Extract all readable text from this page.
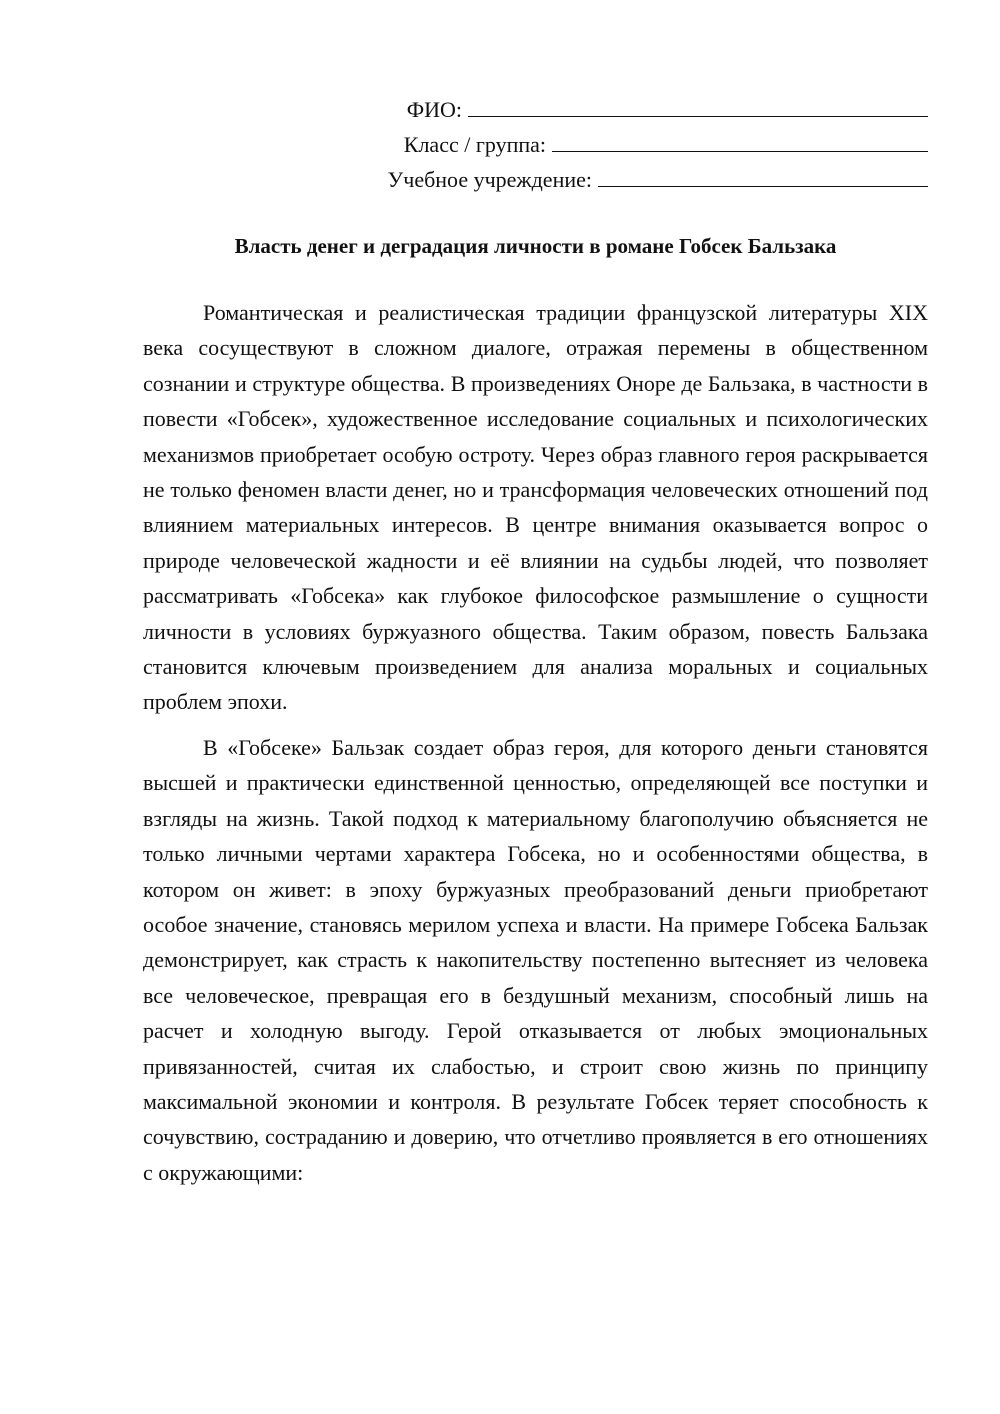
ФИО:
Класс / группа:
Учебное учреждение:
Власть денег и деградация личности в романе Гобсек Бальзака

Романтическая и реалистическая традиции французской литературы XIX века сосуществуют в сложном диалоге, отражая перемены в общественном сознании и структуре общества. В произведениях Оноре де Бальзака, в частности в повести «Гобсек», художественное исследование социальных и психологических механизмов приобретает особую остроту. Через образ главного героя раскрывается не только феномен власти денег, но и трансформация человеческих отношений под влиянием материальных интересов. В центре внимания оказывается вопрос о природе человеческой жадности и её влиянии на судьбы людей, что позволяет рассматривать «Гобсека» как глубокое философское размышление о сущности личности в условиях буржуазного общества. Таким образом, повесть Бальзака становится ключевым произведением для анализа моральных и социальных проблем эпохи.

В «Гобсеке» Бальзак создает образ героя, для которого деньги становятся высшей и практически единственной ценностью, определяющей все поступки и взгляды на жизнь. Такой подход к материальному благополучию объясняется не только личными чертами характера Гобсека, но и особенностями общества, в котором он живет: в эпоху буржуазных преобразований деньги приобретают особое значение, становясь мерилом успеха и власти. На примере Гобсека Бальзак демонстрирует, как страсть к накопительству постепенно вытесняет из человека все человеческое, превращая его в бездушный механизм, способный лишь на расчет и холодную выгоду. Герой отказывается от любых эмоциональных привязанностей, считая их слабостью, и строит свою жизнь по принципу максимальной экономии и контроля. В результате Гобсек теряет способность к сочувствию, состраданию и доверию, что отчетливо проявляется в его отношениях с окружающими:
